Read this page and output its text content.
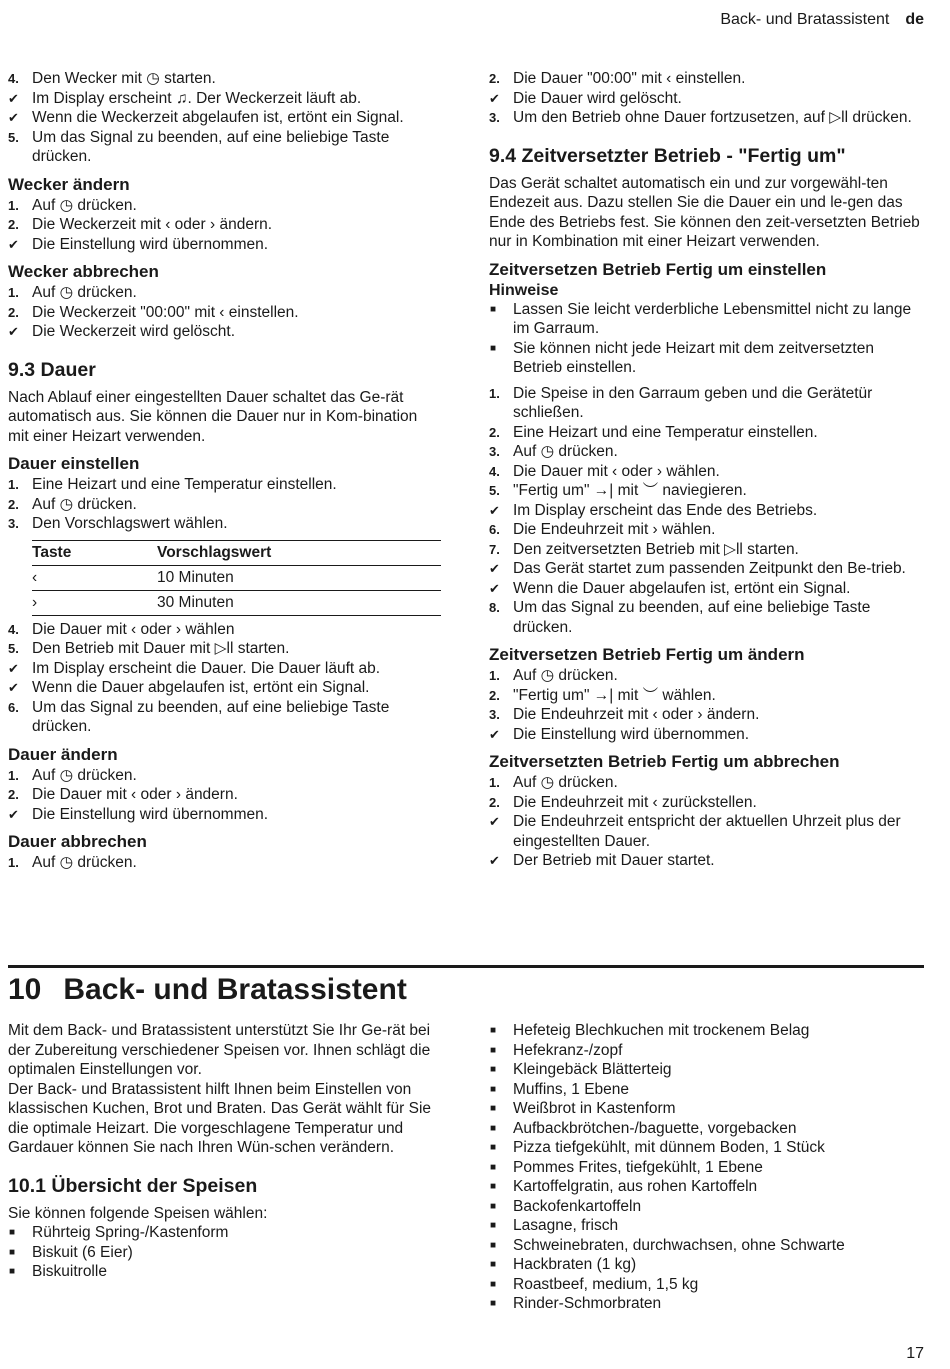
Back- und Bratassistent de
4. Den Wecker mit ◷ starten.
✔ Im Display erscheint ♫. Der Weckerzeit läuft ab.
✔ Wenn die Weckerzeit abgelaufen ist, ertönt ein Signal.
5. Um das Signal zu beenden, auf eine beliebige Taste drücken.
Wecker ändern
1. Auf ◷ drücken.
2. Die Weckerzeit mit ‹ oder › ändern.
✔ Die Einstellung wird übernommen.
Wecker abbrechen
1. Auf ◷ drücken.
2. Die Weckerzeit "00:00" mit ‹ einstellen.
✔ Die Weckerzeit wird gelöscht.
9.3 Dauer

Nach Ablauf einer eingestellten Dauer schaltet das Ge-rät automatisch aus. Sie können die Dauer nur in Kom-bination mit einer Heizart verwenden.

Dauer einstellen
1. Eine Heizart und eine Temperatur einstellen.
2. Auf ◷ drücken.
3. Den Vorschlagswert wählen.
Taste	Vorschlagswert
‹	10 Minuten
›	30 Minuten
4. Die Dauer mit ‹ oder › wählen
5. Den Betrieb mit Dauer mit ▷ll starten.
✔ Im Display erscheint die Dauer. Die Dauer läuft ab.
✔ Wenn die Dauer abgelaufen ist, ertönt ein Signal.
6. Um das Signal zu beenden, auf eine beliebige Taste drücken.
Dauer ändern
1. Auf ◷ drücken.
2. Die Dauer mit ‹ oder › ändern.
✔ Die Einstellung wird übernommen.
Dauer abbrechen
1. Auf ◷ drücken.
2. Die Dauer "00:00" mit ‹ einstellen.
✔ Die Dauer wird gelöscht.
3. Um den Betrieb ohne Dauer fortzusetzen, auf ▷ll drücken.
9.4 Zeitversetzter Betrieb - "Fertig um"

Das Gerät schaltet automatisch ein und zur vorgewähl-ten Endezeit aus. Dazu stellen Sie die Dauer ein und le-gen das Ende des Betriebs fest. Sie können den zeit-versetzten Betrieb nur in Kombination mit einer Heizart verwenden.

Zeitversetzen Betrieb Fertig um einstellen
Hinweise
■	Lassen Sie leicht verderbliche Lebensmittel nicht zu lange im Garraum.
■	Sie können nicht jede Heizart mit dem zeitversetzten Betrieb einstellen.
1. Die Speise in den Garraum geben und die Gerätetür schließen.
2. Eine Heizart und eine Temperatur einstellen.
3. Auf ◷ drücken.
4. Die Dauer mit ‹ oder › wählen.
5. "Fertig um" →| mit ︶ naviegieren.
✔ Im Display erscheint das Ende des Betriebs.
6. Die Endeuhrzeit mit › wählen.
7. Den zeitversetzten Betrieb mit ▷ll starten.
✔ Das Gerät startet zum passenden Zeitpunkt den Be-trieb.
✔ Wenn die Dauer abgelaufen ist, ertönt ein Signal.
8. Um das Signal zu beenden, auf eine beliebige Taste drücken.
Zeitversetzen Betrieb Fertig um ändern
1. Auf ◷ drücken.
2. "Fertig um" →| mit ︶ wählen.
3. Die Endeuhrzeit mit ‹ oder › ändern.
✔ Die Einstellung wird übernommen.
Zeitversetzten Betrieb Fertig um abbrechen
1. Auf ◷ drücken.
2. Die Endeuhrzeit mit ‹ zurückstellen.
✔ Die Endeuhrzeit entspricht der aktuellen Uhrzeit plus der eingestellten Dauer.
✔ Der Betrieb mit Dauer startet.
10 Back- und Bratassistent

Mit dem Back- und Bratassistent unterstützt Sie Ihr Ge-rät bei der Zubereitung verschiedener Speisen vor. Ihnen schlägt die optimalen Einstellungen vor.

Der Back- und Bratassistent hilft Ihnen beim Einstellen von klassischen Kuchen, Brot und Braten. Das Gerät wählt für Sie die optimale Heizart. Die vorgeschlagene Temperatur und Gardauer können Sie nach Ihren Wün-schen verändern.

10.1 Übersicht der Speisen

Sie können folgende Speisen wählen:

■	Rührteig Spring-/Kastenform
■	Biskuit (6 Eier)
■	Biskuitrolle
■	Hefeteig Blechkuchen mit trockenem Belag
■	Hefekranz-/zopf
■	Kleingebäck Blätterteig
■	Muffins, 1 Ebene
■	Weißbrot in Kastenform
■	Aufbackbrötchen-/baguette, vorgebacken
■	Pizza tiefgekühlt, mit dünnem Boden, 1 Stück
■	Pommes Frites, tiefgekühlt, 1 Ebene
■	Kartoffelgratin, aus rohen Kartoffeln
■	Backofenkartoffeln
■	Lasagne, frisch
■	Schweinebraten, durchwachsen, ohne Schwarte
■	Hackbraten (1 kg)
■	Roastbeef, medium, 1,5 kg
■	Rinder-Schmorbraten
17
